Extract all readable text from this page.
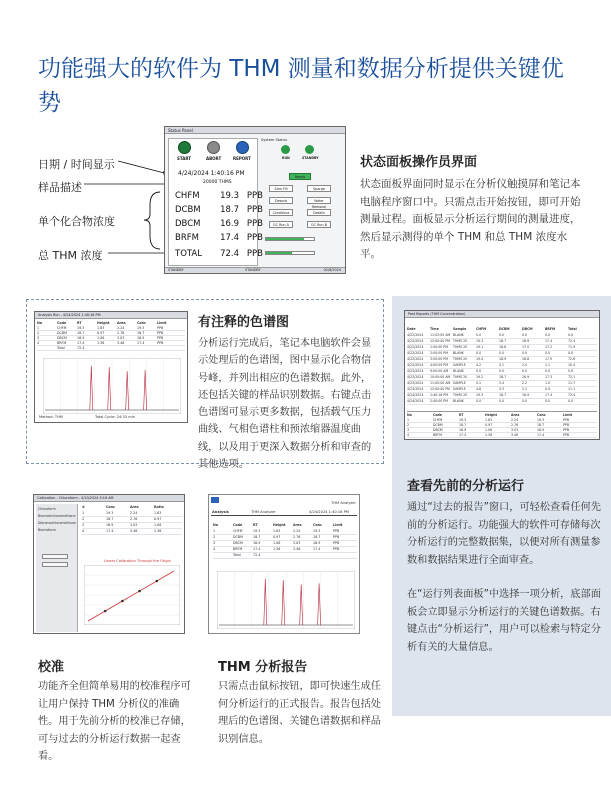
功能强大的软件为 THM 测量和数据分析提供关键优势
日期 / 时间显示
样品描述
单个化合物浓度
总 THM 浓度
Status Panel
START	ABORT	REPORT
4/24/2024 1:40:16 PM
20000 THMS
CHFM 19.3 PPB
DCBM 18.7 PPB
DBCM 16.9 PPB
BRFM 17.4 PPB
TOTAL 72.4 PPB
System Status
RUN	STANDBY
Ready
Sam Fill	Sparge
Desorb	Water Removal
Conditions	Details
GC Run A	GC Run B
STANDBY	STANDBY	02/8/2024
状态面板操作员界面
状态面板界面同时显示在分析仪触摸屏和笔记本电脑程序窗口中。只需点击开始按钮，即可开始测量过程。面板显示分析运行期间的测量进度，然后显示测得的单个 THM 和总 THM 浓度水平。
Analysis Run - 4/24/2024 1:40:16 PM
No	Code	RT	Height Area	Conc	Limit
1	CHFM	19.3	1.83	2.24	19.3	PPB
2	DCBM	18.7	0.97	2.76	18.7	PPB
3	DBCM	16.9	1.06	3.03	16.9	PPB
4	BRFM	17.4	1.36	3.46	17.4	PPB
Total	72.4
Method: THM	Total Cycle: 24:33 min
有注释的色谱图
分析运行完成后，笔记本电脑软件会显示处理后的色谱图，图中显示化合物信号峰，并列出相应的色谱数据。此外，还包括关键的样品识别数据。右键点击色谱图可显示更多数据，包括载气压力曲线、气相色谱柱和预浓缩器温度曲线，以及用于更深入数据分析和审查的其他选项。
Past Reports (THM Concentration)
Date	Time	Sample	CHFM	DCBM	DBCM	BRFM	Total
4/22/2024 11:02:00 AM BLANK	0.0	0.0	0.0	0.0	0.0
4/22/2024 12:00:00 PM THMS 20	19.3	18.7	16.9	17.4	72.4
4/22/2024 1:00:00 PM THMS 20	19.1	18.6	17.0	17.2	71.9
4/22/2024 2:00:00 PM BLANK	0.0	0.0	0.0	0.0	0.0
4/22/2024 3:00:00 PM THMS 20	19.4	18.9	16.8	17.5	72.6
4/22/2024 4:00:00 PM SAMPLE	4.2	3.1	2.0	1.1	10.4
4/23/2024 9:00:00 AM BLANK	0.0	0.0	0.0	0.0	0.0
4/23/2024 10:00:00 AM THMS 20	19.2	18.7	16.9	17.3	72.1
4/23/2024 11:00:00 AM SAMPLE	5.1	3.4	2.2	1.0	11.7
4/23/2024 12:00:00 PM SAMPLE	4.8	3.3	2.1	0.9	11.1
4/24/2024 1:40:16 PM THMS 20	19.3	18.7	16.9	17.4	72.4
4/24/2024 2:40:00 PM BLANK	0.0	0.0	0.0	0.0	0.0
No	Code	RT	Height	Area	Conc	Limit
1	CHFM	19.3	1.83	2.24	19.3	PPB
2	DCBM	18.7	0.97	2.76	18.7	PPB
3	DBCM	16.9	1.06	3.03	16.9	PPB
4	BRFM	17.4	1.36	3.46	17.4	PPB
查看先前的分析运行
通过“过去的报告”窗口，可轻松查看任何先前的分析运行。功能强大的软件可存储每次分析运行的完整数据集，以便对所有测量参数和数据结果进行全面审查。
在“运行列表面板”中选择一项分析，底部面板会立即显示分析运行的关键色谱数据。右键点击“分析运行”，用户可以检索与特定分析有关的大量信息。
Calibration - Chloroform - 4/10/2024 9:16 AM
Chloroform
Bromodichloromethane
Dibromochloromethane
Bromoform
#	Conc	Area	Ratio
1	19.3	2.24	1.83
2	18.7	2.76	0.97
3	16.9	3.03	1.06
4	17.4	3.46	1.36
Linear Calibration Through the Origin
校准
功能齐全但简单易用的校准程序可让用户保持 THM 分析仪的准确性。用于先前分析的校准已存储，可与过去的分析运行数据一起查看。
THM Analyzer
Analysis	THM Analyzer	4/24/2024 1:40:16 PM
No	Code	RT	Height Area	Conc	Limit
1	CHFM	19.3	1.83	2.24	19.3	PPB
2	DCBM	18.7	0.97	2.76	18.7	PPB
3	DBCM	16.9	1.06	3.03	16.9	PPB
4	BRFM	17.4	1.36	3.46	17.4	PPB
Total	72.4
THM 分析报告
只需点击鼠标按钮，即可快速生成任何分析运行的正式报告。报告包括处理后的色谱图、关键色谱数据和样品识别信息。
